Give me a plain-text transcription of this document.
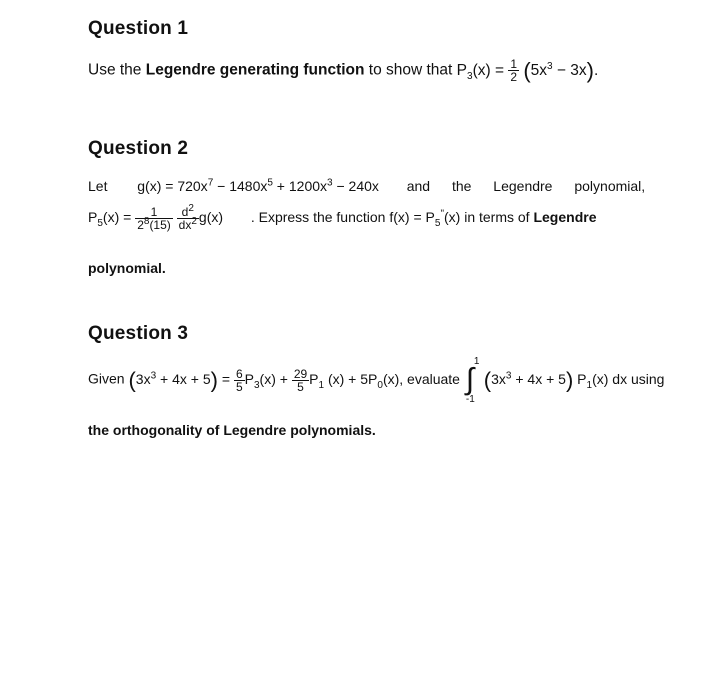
Question 1
Use the Legendre generating function to show that $P_3(x) = \frac{1}{2} (5x^3 - 3x)$.
Question 2
Let $g(x) = 720x^7 - 1480x^5 + 1200x^3 - 240x$ and the Legendre polynomial,
$P_5(x) = \frac{1}{2^8(15)}$
$\frac{d^2}{dx^2} g(x)$ . Express the function $f(x) = P_5^"(x)$ in terms of Legendre
polynomial.
Question 3
Given $(3x^3 + 4x + 5) = \frac{6}{5} P_3(x) + \frac{29}{5} P_1$ $(x) + 5P_0(x)$, evaluate ∫
1
-1
$(3x^3 + 4x + 5)$ $P_1(x)$ dx using
the orthogonality of Legendre polynomials.
